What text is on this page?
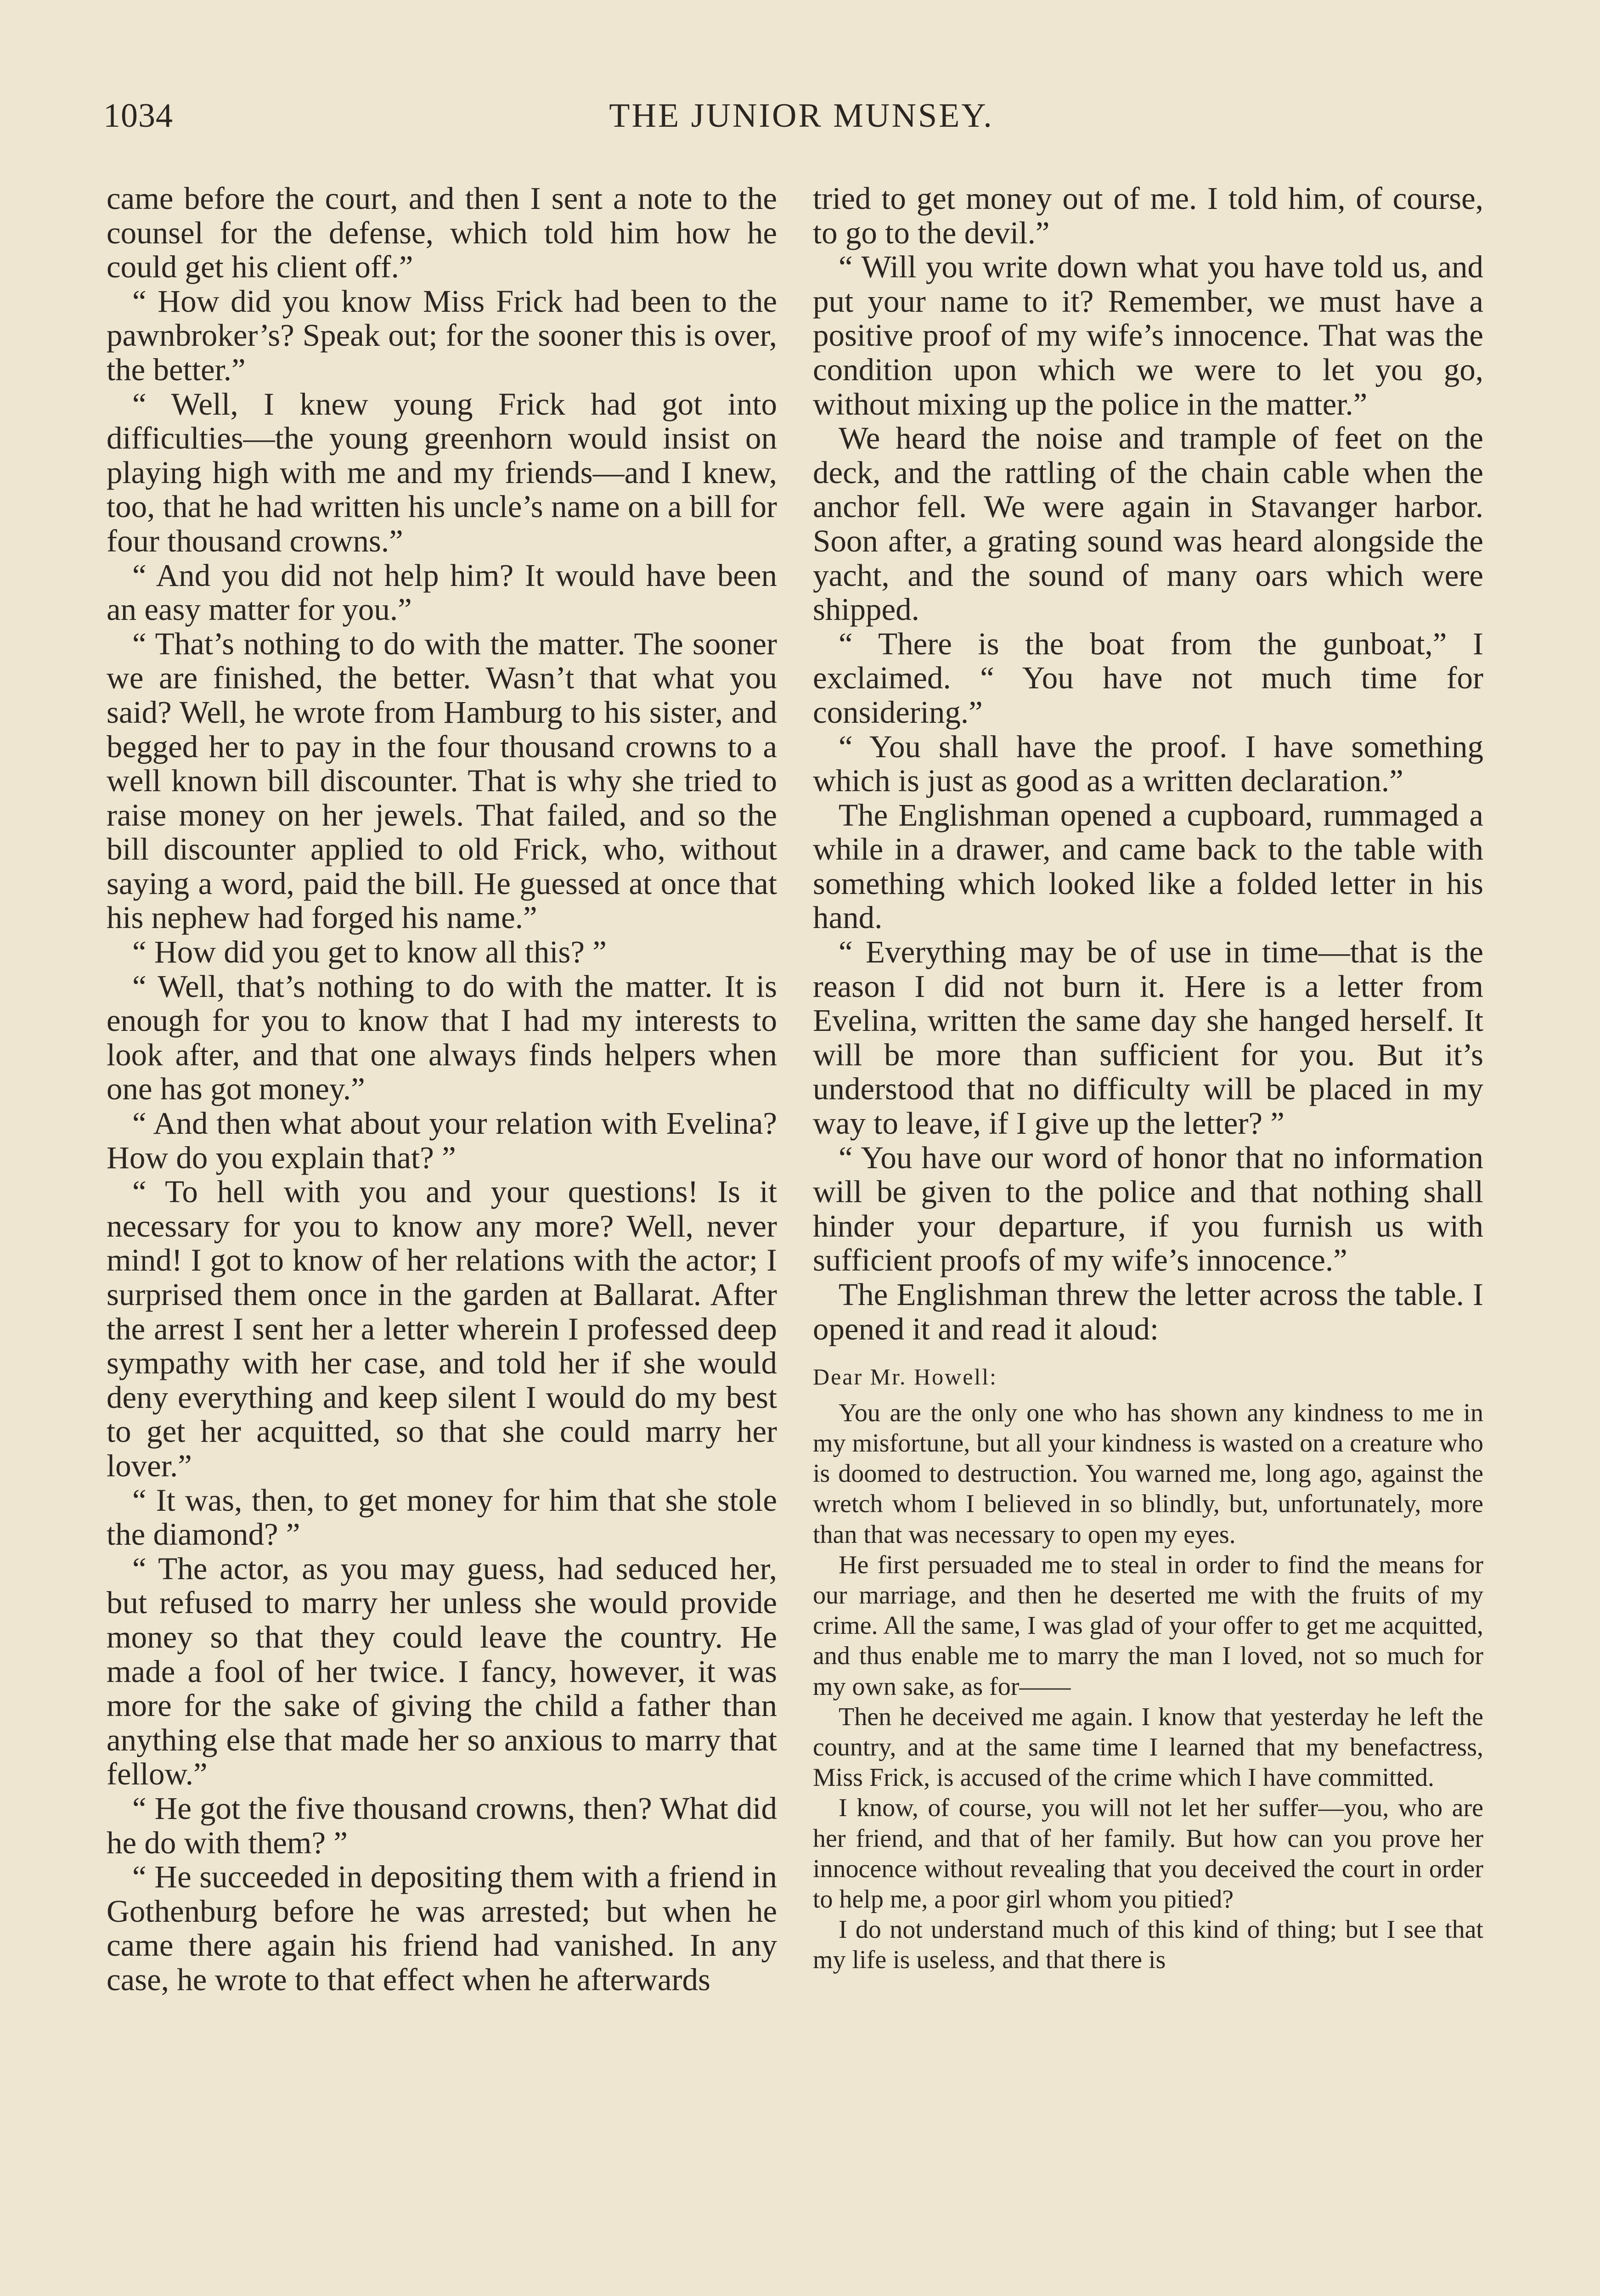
1034	THE JUNIOR MUNSEY.

came before the court, and then I sent a note to the counsel for the defense, which told him how he could get his client off.”

“ How did you know Miss Frick had been to the pawnbroker’s? Speak out; for the sooner this is over, the better.”

“ Well, I knew young Frick had got into difficulties—the young greenhorn would insist on playing high with me and my friends—and I knew, too, that he had written his uncle’s name on a bill for four thousand crowns.”

“ And you did not help him? It would have been an easy matter for you.”

“ That’s nothing to do with the matter. The sooner we are finished, the better. Wasn’t that what you said? Well, he wrote from Hamburg to his sister, and begged her to pay in the four thousand crowns to a well known bill discounter. That is why she tried to raise money on her jewels. That failed, and so the bill discounter applied to old Frick, who, without saying a word, paid the bill. He guessed at once that his nephew had forged his name.”

“ How did you get to know all this? ”

“ Well, that’s nothing to do with the matter. It is enough for you to know that I had my interests to look after, and that one always finds helpers when one has got money.”

“ And then what about your relation with Evelina? How do you explain that? ”

“ To hell with you and your questions! Is it necessary for you to know any more? Well, never mind! I got to know of her relations with the actor; I surprised them once in the garden at Ballarat. After the arrest I sent her a letter wherein I professed deep sympathy with her case, and told her if she would deny everything and keep silent I would do my best to get her acquitted, so that she could marry her lover.”

“ It was, then, to get money for him that she stole the diamond? ”

“ The actor, as you may guess, had seduced her, but refused to marry her unless she would provide money so that they could leave the country. He made a fool of her twice. I fancy, however, it was more for the sake of giving the child a father than anything else that made her so anxious to marry that fellow.”

“ He got the five thousand crowns, then? What did he do with them? ”

“ He succeeded in depositing them with a friend in Gothenburg before he was arrested; but when he came there again his friend had vanished. In any case, he wrote to that effect when he afterwards

tried to get money out of me. I told him, of course, to go to the devil.”

“ Will you write down what you have told us, and put your name to it? Remember, we must have a positive proof of my wife’s innocence. That was the condition upon which we were to let you go, without mixing up the police in the matter.”

We heard the noise and trample of feet on the deck, and the rattling of the chain cable when the anchor fell. We were again in Stavanger harbor. Soon after, a grating sound was heard alongside the yacht, and the sound of many oars which were shipped.

“ There is the boat from the gunboat,” I exclaimed. “ You have not much time for considering.”

“ You shall have the proof. I have something which is just as good as a written declaration.”

The Englishman opened a cupboard, rummaged a while in a drawer, and came back to the table with something which looked like a folded letter in his hand.

“ Everything may be of use in time—that is the reason I did not burn it. Here is a letter from Evelina, written the same day she hanged herself. It will be more than sufficient for you. But it’s understood that no difficulty will be placed in my way to leave, if I give up the letter? ”

“ You have our word of honor that no information will be given to the police and that nothing shall hinder your departure, if you furnish us with sufficient proofs of my wife’s innocence.”

The Englishman threw the letter across the table. I opened it and read it aloud:

Dear Mr. Howell:

You are the only one who has shown any kindness to me in my misfortune, but all your kindness is wasted on a creature who is doomed to destruction. You warned me, long ago, against the wretch whom I believed in so blindly, but, unfortunately, more than that was necessary to open my eyes.

He first persuaded me to steal in order to find the means for our marriage, and then he deserted me with the fruits of my crime. All the same, I was glad of your offer to get me acquitted, and thus enable me to marry the man I loved, not so much for my own sake, as for——

Then he deceived me again. I know that yesterday he left the country, and at the same time I learned that my benefactress, Miss Frick, is accused of the crime which I have committed.

I know, of course, you will not let her suffer—you, who are her friend, and that of her family. But how can you prove her innocence without revealing that you deceived the court in order to help me, a poor girl whom you pitied?

I do not understand much of this kind of thing; but I see that my life is useless, and that there is
